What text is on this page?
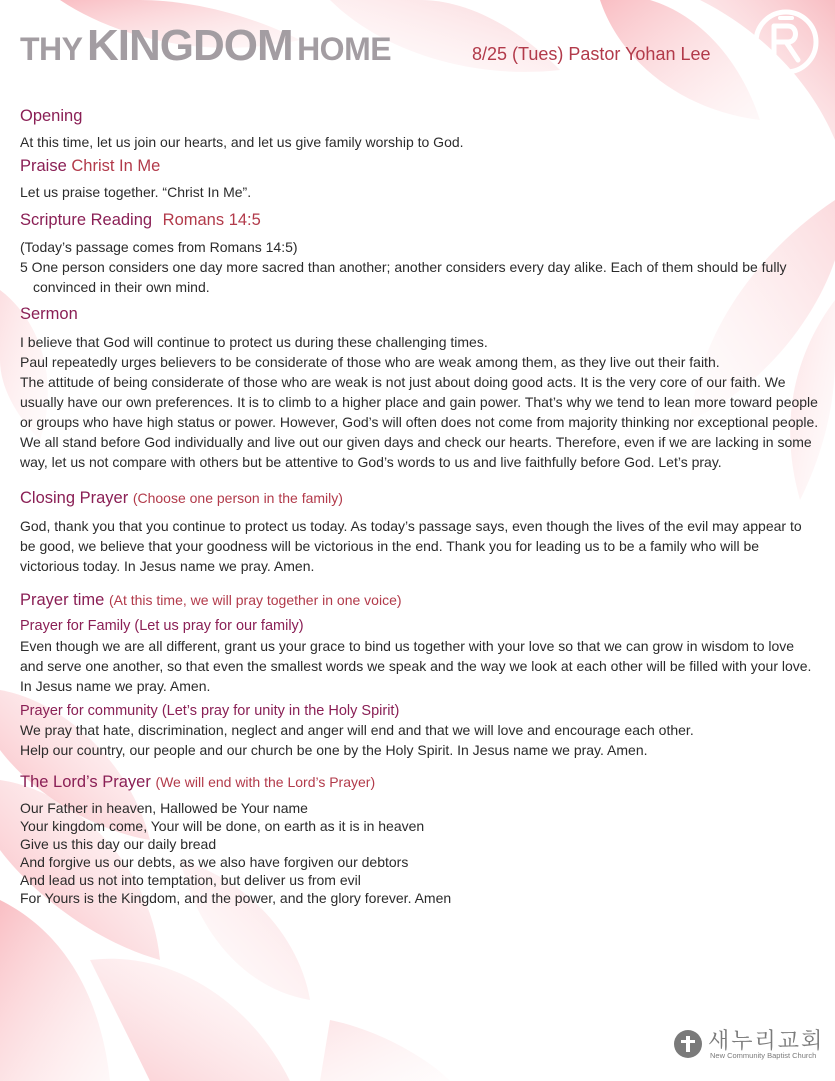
THY KINGDOM HOME	8/25 (Tues) Pastor Yohan Lee

Opening

At this time, let us join our hearts, and let us give family worship to God.

Praise Christ In Me

Let us praise together. “Christ In Me”.

Scripture Reading Romans 14:5

(Today’s passage comes from Romans 14:5)

5 One person considers one day more sacred than another; another considers every day alike. Each of them should be fully convinced in their own mind.

Sermon

I believe that God will continue to protect us during these challenging times.

Paul repeatedly urges believers to be considerate of those who are weak among them, as they live out their faith.

The attitude of being considerate of those who are weak is not just about doing good acts. It is the very core of our faith. We usually have our own preferences. It is to climb to a higher place and gain power. That’s why we tend to lean more toward people or groups who have high status or power. However, God’s will often does not come from majority thinking nor exceptional people. We all stand before God individually and live out our given days and check our hearts. Therefore, even if we are lacking in some way, let us not compare with others but be attentive to God’s words to us and live faithfully before God. Let’s pray.

Closing Prayer (Choose one person in the family)

God, thank you that you continue to protect us today. As today’s passage says, even though the lives of the evil may appear to be good, we believe that your goodness will be victorious in the end. Thank you for leading us to be a family who will be victorious today. In Jesus name we pray. Amen.

Prayer time (At this time, we will pray together in one voice)

Prayer for Family (Let us pray for our family)

Even though we are all different, grant us your grace to bind us together with your love so that we can grow in wisdom to love and serve one another, so that even the smallest words we speak and the way we look at each other will be filled with your love. In Jesus name we pray. Amen.

Prayer for community (Let’s pray for unity in the Holy Spirit)

We pray that hate, discrimination, neglect and anger will end and that we will love and encourage each other.

Help our country, our people and our church be one by the Holy Spirit. In Jesus name we pray. Amen.

The Lord’s Prayer (We will end with the Lord’s Prayer)

Our Father in heaven, Hallowed be Your name

Your kingdom come, Your will be done, on earth as it is in heaven

Give us this day our daily bread

And forgive us our debts, as we also have forgiven our debtors

And lead us not into temptation, but deliver us from evil

For Yours is the Kingdom, and the power, and the glory forever. Amen

새누리교회
New Community Baptist Church
